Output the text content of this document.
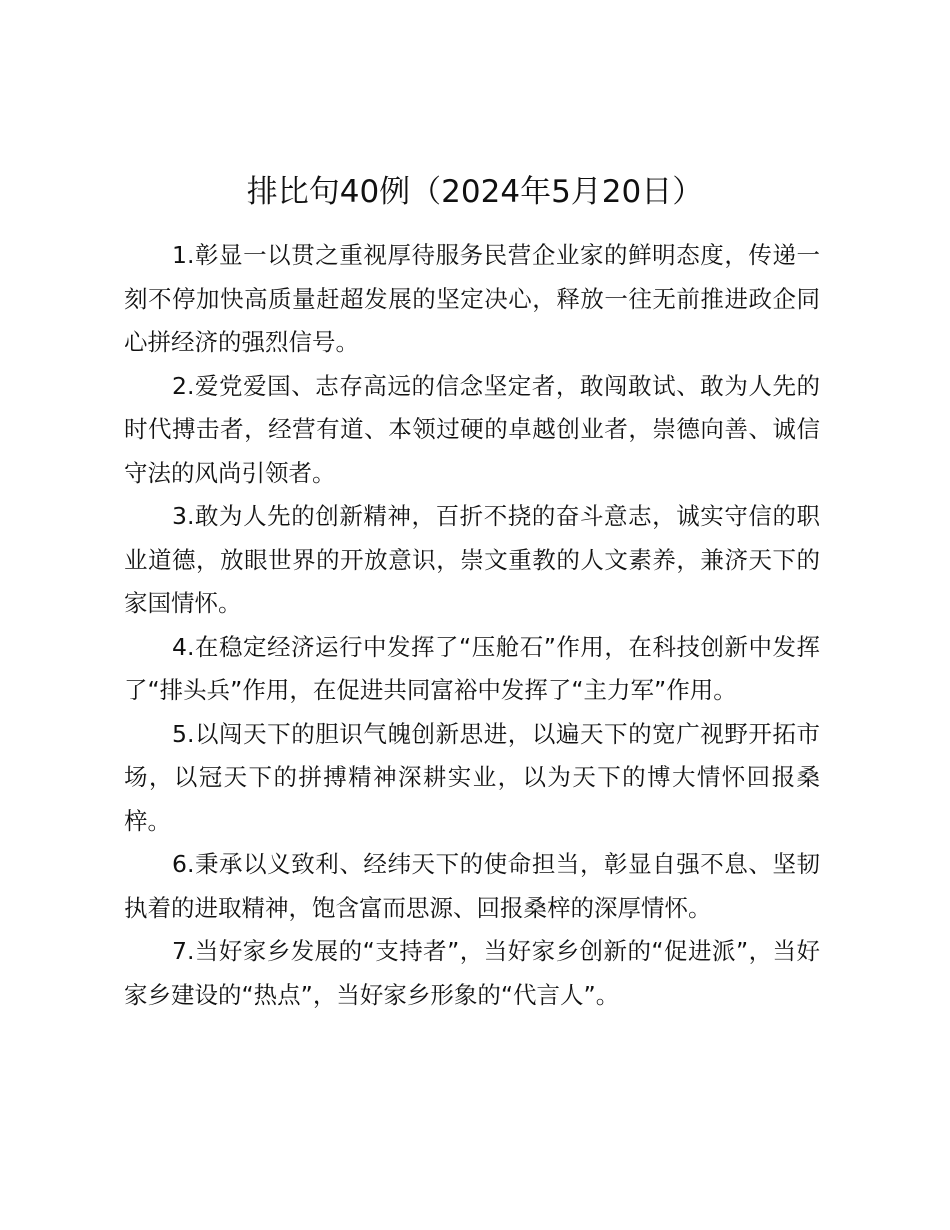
排比句40例（2024年5月20日）

1.彰显一以贯之重视厚待服务民营企业家的鲜明态度，传递一刻不停加快高质量赶超发展的坚定决心，释放一往无前推进政企同心拼经济的强烈信号。

2.爱党爱国、志存高远的信念坚定者，敢闯敢试、敢为人先的时代搏击者，经营有道、本领过硬的卓越创业者，崇德向善、诚信守法的风尚引领者。

3.敢为人先的创新精神，百折不挠的奋斗意志，诚实守信的职业道德，放眼世界的开放意识，崇文重教的人文素养，兼济天下的家国情怀。

4.在稳定经济运行中发挥了“压舱石”作用，在科技创新中发挥了“排头兵”作用，在促进共同富裕中发挥了“主力军”作用。

5.以闯天下的胆识气魄创新思进，以遍天下的宽广视野开拓市场，以冠天下的拼搏精神深耕实业，以为天下的博大情怀回报桑梓。

6.秉承以义致利、经纬天下的使命担当，彰显自强不息、坚韧执着的进取精神，饱含富而思源、回报桑梓的深厚情怀。

7.当好家乡发展的“支持者”，当好家乡创新的“促进派”，当好家乡建设的“热点”，当好家乡形象的“代言人”。
